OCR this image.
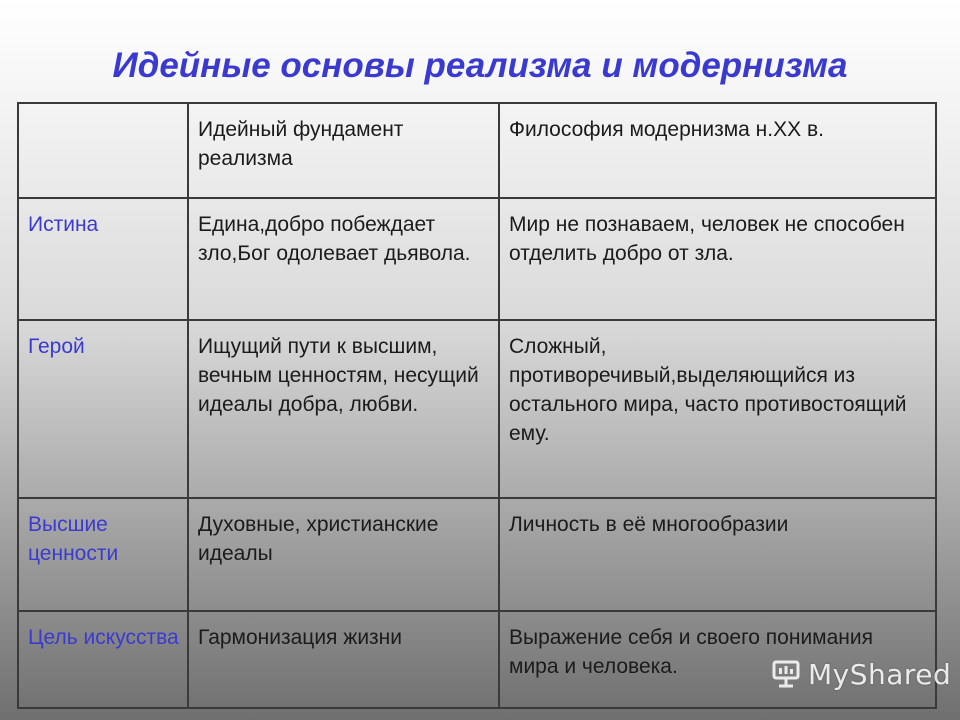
Идейные основы реализма и модернизма
	Идейный фундамент реализма	Философия модернизма н.XX в.
Истина	Едина,добро побеждает зло,Бог одолевает дьявола.	Мир не познаваем, человек не способен отделить добро от зла.
Герой	Ищущий пути к высшим, вечным ценностям, несущий идеалы добра, любви.	Сложный, противоречивый,выделяющийся из остального мира, часто противостоящий ему.
Высшие ценности	Духовные, христианские идеалы	Личность в её многообразии
Цель искусства	Гармонизация жизни	Выражение себя и своего понимания мира и человека.	MyShared
